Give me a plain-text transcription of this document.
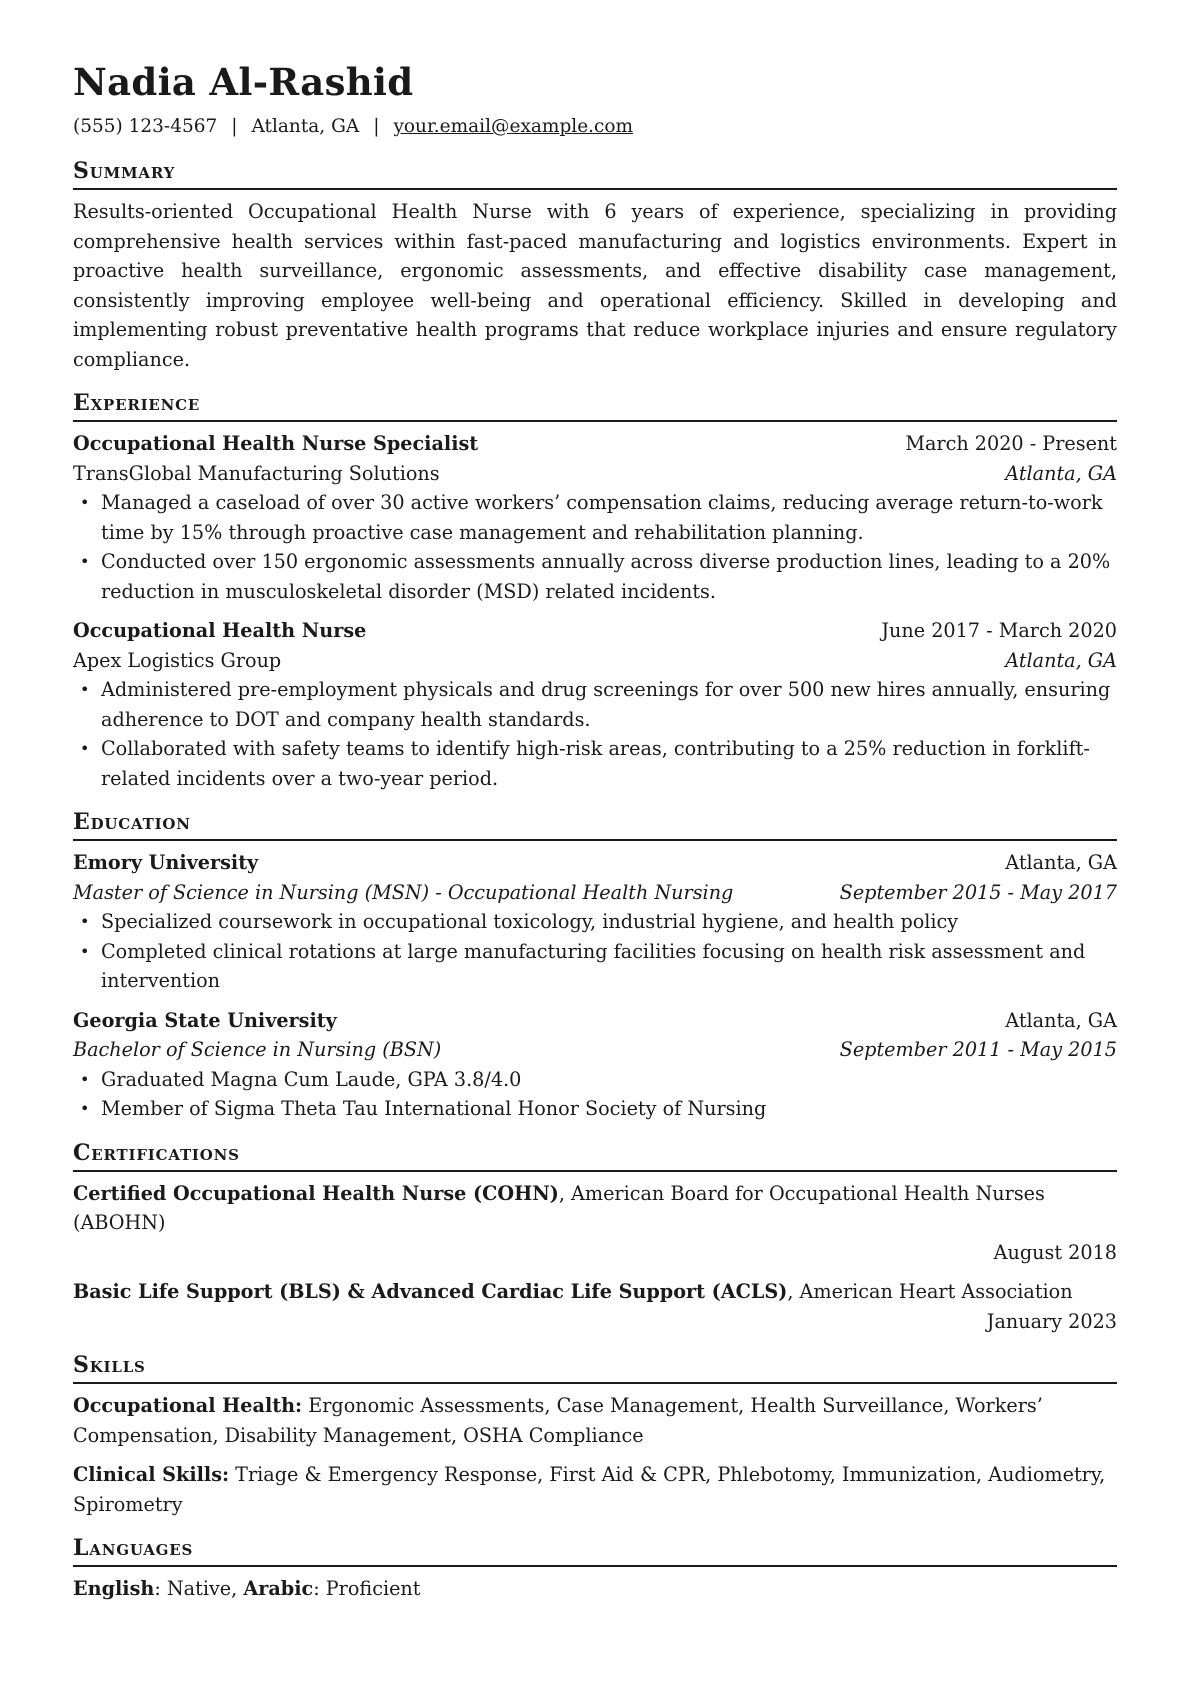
Nadia Al-Rashid
(555) 123-4567 | Atlanta, GA | your.email@example.com
Summary

Results-oriented Occupational Health Nurse with 6 years of experience, specializing in providing comprehensive health services within fast-paced manufacturing and logistics environments. Expert in proactive health surveillance, ergonomic assessments, and effective disability case management, consistently improving employee well-being and operational efficiency. Skilled in developing and implementing robust preventative health programs that reduce workplace injuries and ensure regulatory compliance.

Experience
Occupational Health Nurse Specialist	March 2020 - Present
TransGlobal Manufacturing Solutions	Atlanta, GA
• Managed a caseload of over 30 active workers’ compensation claims, reducing average return-to-work time by 15% through proactive case management and rehabilitation planning.
• Conducted over 150 ergonomic assessments annually across diverse production lines, leading to a 20% reduction in musculoskeletal disorder (MSD) related incidents.
Occupational Health Nurse	June 2017 - March 2020
Apex Logistics Group	Atlanta, GA
• Administered pre-employment physicals and drug screenings for over 500 new hires annually, ensuring adherence to DOT and company health standards.
• Collaborated with safety teams to identify high-risk areas, contributing to a 25% reduction in forklift-related incidents over a two-year period.
Education
Emory University	Atlanta, GA
Master of Science in Nursing (MSN) - Occupational Health Nursing	September 2015 - May 2017
• Specialized coursework in occupational toxicology, industrial hygiene, and health policy
• Completed clinical rotations at large manufacturing facilities focusing on health risk assessment and intervention
Georgia State University	Atlanta, GA
Bachelor of Science in Nursing (BSN)	September 2011 - May 2015
• Graduated Magna Cum Laude, GPA 3.8/4.0
• Member of Sigma Theta Tau International Honor Society of Nursing
Certifications
Certified Occupational Health Nurse (COHN), American Board for Occupational Health Nurses (ABOHN)
August 2018
Basic Life Support (BLS) & Advanced Cardiac Life Support (ACLS), American Heart Association
January 2023
Skills
Occupational Health: Ergonomic Assessments, Case Management, Health Surveillance, Workers’ Compensation, Disability Management, OSHA Compliance
Clinical Skills: Triage & Emergency Response, First Aid & CPR, Phlebotomy, Immunization, Audiometry, Spirometry
Languages
English: Native, Arabic: Proficient
